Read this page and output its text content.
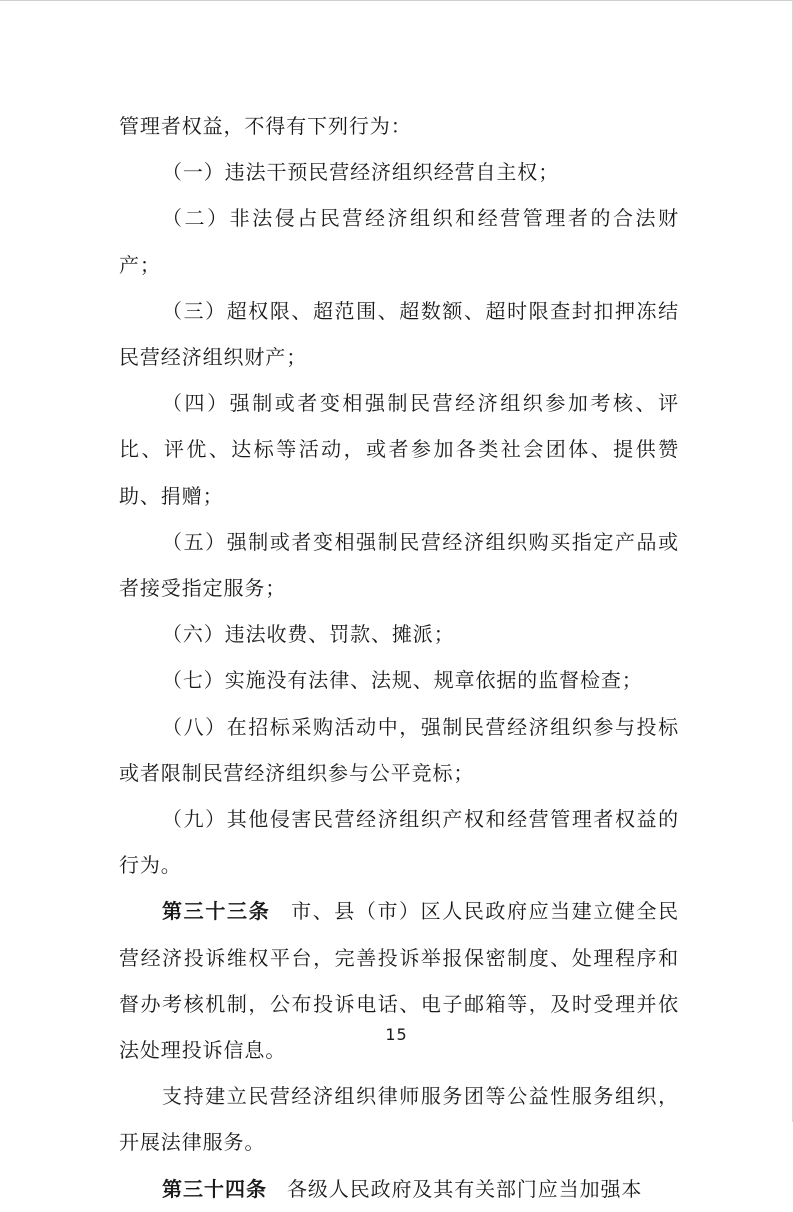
管理者权益，不得有下列行为：

（一）违法干预民营经济组织经营自主权；

（二）非法侵占民营经济组织和经营管理者的合法财产；

（三）超权限、超范围、超数额、超时限查封扣押冻结民营经济组织财产；

（四）强制或者变相强制民营经济组织参加考核、评比、评优、达标等活动，或者参加各类社会团体、提供赞助、捐赠；

（五）强制或者变相强制民营经济组织购买指定产品或者接受指定服务；

（六）违法收费、罚款、摊派；

（七）实施没有法律、法规、规章依据的监督检查；

（八）在招标采购活动中，强制民营经济组织参与投标或者限制民营经济组织参与公平竞标；

（九）其他侵害民营经济组织产权和经营管理者权益的行为。

第三十三条 市、县（市）区人民政府应当建立健全民营经济投诉维权平台，完善投诉举报保密制度、处理程序和督办考核机制，公布投诉电话、电子邮箱等，及时受理并依法处理投诉信息。

支持建立民营经济组织律师服务团等公益性服务组织，开展法律服务。

第三十四条 各级人民政府及其有关部门应当加强本

15
